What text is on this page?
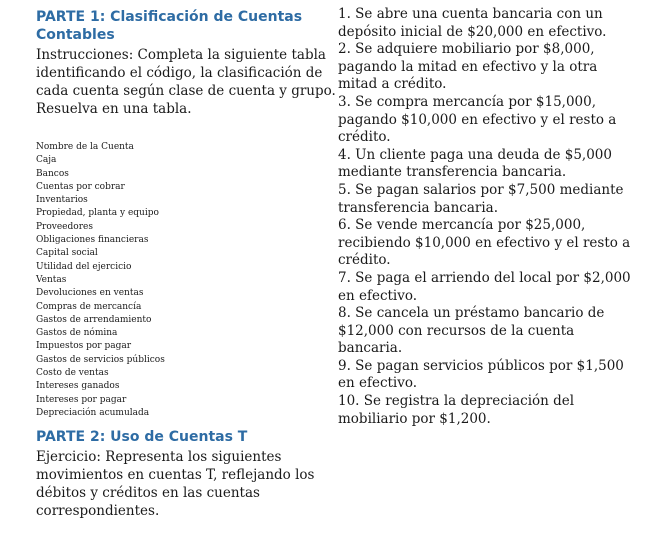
PARTE 1: Clasificación de Cuentas Contables
Instrucciones: Completa la siguiente tabla identificando el código, la clasificación de cada cuenta según clase de cuenta y grupo. Resuelva en una tabla.
Nombre de la Cuenta
Caja
Bancos
Cuentas por cobrar
Inventarios
Propiedad, planta y equipo
Proveedores
Obligaciones financieras
Capital social
Utilidad del ejercicio
Ventas
Devoluciones en ventas
Compras de mercancía
Gastos de arrendamiento
Gastos de nómina
Impuestos por pagar
Gastos de servicios públicos
Costo de ventas
Intereses ganados
Intereses por pagar
Depreciación acumulada
PARTE 2: Uso de Cuentas T
Ejercicio: Representa los siguientes movimientos en cuentas T, reflejando los débitos y créditos en las cuentas correspondientes.
1. Se abre una cuenta bancaria con un depósito inicial de $20,000 en efectivo.
2. Se adquiere mobiliario por $8,000, pagando la mitad en efectivo y la otra mitad a crédito.
3. Se compra mercancía por $15,000, pagando $10,000 en efectivo y el resto a crédito.
4. Un cliente paga una deuda de $5,000 mediante transferencia bancaria.
5. Se pagan salarios por $7,500 mediante transferencia bancaria.
6. Se vende mercancía por $25,000, recibiendo $10,000 en efectivo y el resto a crédito.
7. Se paga el arriendo del local por $2,000 en efectivo.
8. Se cancela un préstamo bancario de $12,000 con recursos de la cuenta bancaria.
9. Se pagan servicios públicos por $1,500 en efectivo.
10. Se registra la depreciación del mobiliario por $1,200.
